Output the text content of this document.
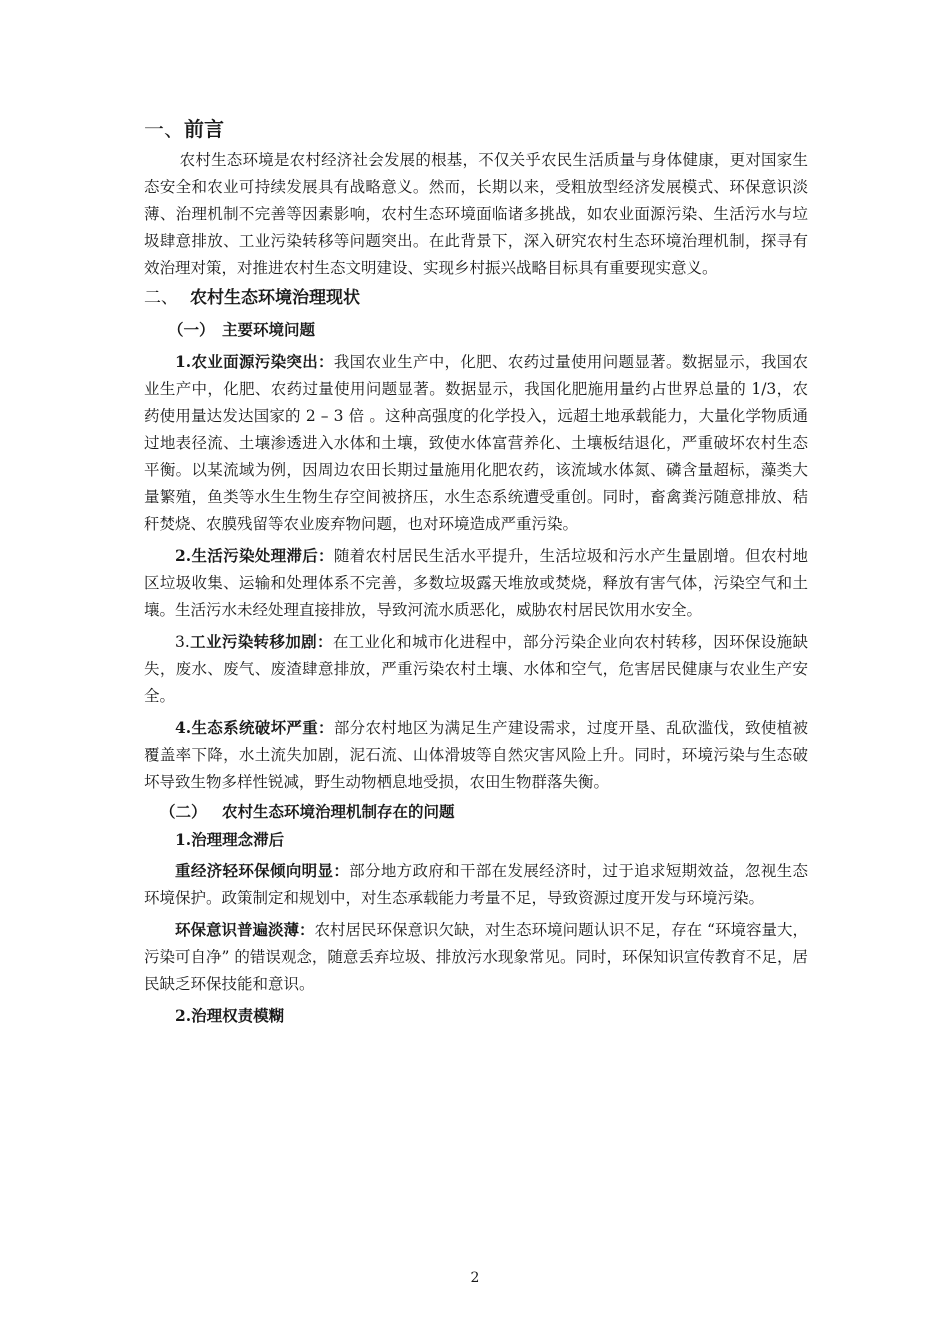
一、前言

农村生态环境是农村经济社会发展的根基，不仅关乎农民生活质量与身体健康，更对国家生态安全和农业可持续发展具有战略意义。然而，长期以来，受粗放型经济发展模式、环保意识淡薄、治理机制不完善等因素影响，农村生态环境面临诸多挑战，如农业面源污染、生活污水与垃圾肆意排放、工业污染转移等问题突出。在此背景下，深入研究农村生态环境治理机制，探寻有效治理对策，对推进农村生态文明建设、实现乡村振兴战略目标具有重要现实意义。

二、 农村生态环境治理现状
（一） 主要环境问题

1.农业面源污染突出：我国农业生产中，化肥、农药过量使用问题显著。数据显示，我国农业生产中，化肥、农药过量使用问题显著。数据显示，我国化肥施用量约占世界总量的 1/3，农药使用量达发达国家的 2 – 3 倍 。这种高强度的化学投入，远超土地承载能力，大量化学物质通过地表径流、土壤渗透进入水体和土壤，致使水体富营养化、土壤板结退化，严重破坏农村生态平衡。以某流域为例，因周边农田长期过量施用化肥农药，该流域水体氮、磷含量超标，藻类大量繁殖，鱼类等水生生物生存空间被挤压，水生态系统遭受重创。同时，畜禽粪污随意排放、秸秆焚烧、农膜残留等农业废弃物问题，也对环境造成严重污染。

2.生活污染处理滞后：随着农村居民生活水平提升，生活垃圾和污水产生量剧增。但农村地区垃圾收集、运输和处理体系不完善，多数垃圾露天堆放或焚烧，释放有害气体，污染空气和土壤。生活污水未经处理直接排放，导致河流水质恶化，威胁农村居民饮用水安全。

3.工业污染转移加剧：在工业化和城市化进程中，部分污染企业向农村转移，因环保设施缺失，废水、废气、废渣肆意排放，严重污染农村土壤、水体和空气，危害居民健康与农业生产安全。

4.生态系统破坏严重：部分农村地区为满足生产建设需求，过度开垦、乱砍滥伐，致使植被覆盖率下降，水土流失加剧，泥石流、山体滑坡等自然灾害风险上升。同时，环境污染与生态破坏导致生物多样性锐减，野生动物栖息地受损，农田生物群落失衡。

（二） 农村生态环境治理机制存在的问题

1.治理理念滞后

重经济轻环保倾向明显：部分地方政府和干部在发展经济时，过于追求短期效益，忽视生态环境保护。政策制定和规划中，对生态承载能力考量不足，导致资源过度开发与环境污染。

环保意识普遍淡薄：农村居民环保意识欠缺，对生态环境问题认识不足，存在 “环境容量大，污染可自净” 的错误观念，随意丢弃垃圾、排放污水现象常见。同时，环保知识宣传教育不足，居民缺乏环保技能和意识。

2.治理权责模糊

2
